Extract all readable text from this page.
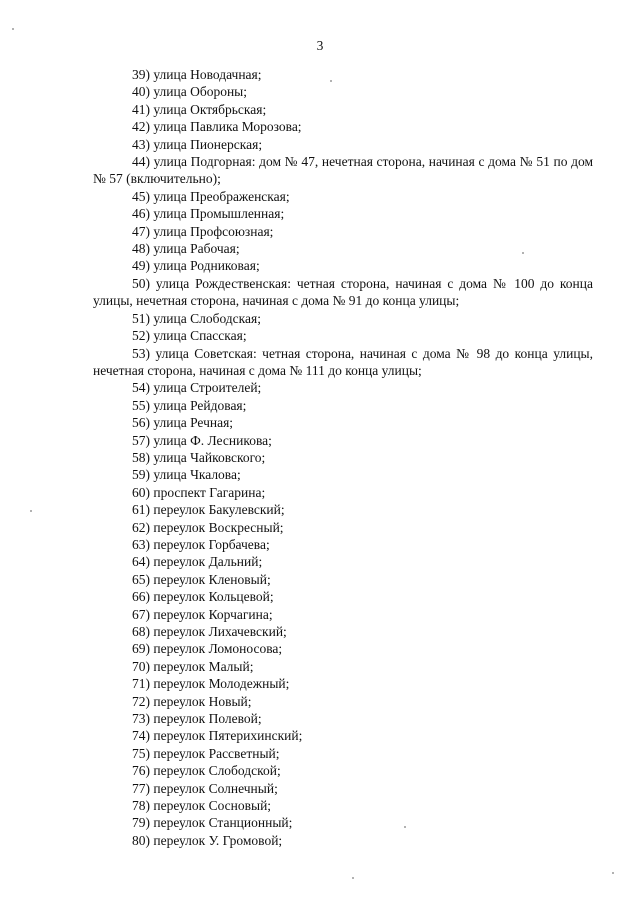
3
39) улица Новодачная;
40) улица Обороны;
41) улица Октябрьская;
42) улица Павлика Морозова;
43) улица Пионерская;
44) улица Подгорная: дом № 47, нечетная сторона, начиная с дома № 51 по дом № 57 (включительно);
45) улица Преображенская;
46) улица Промышленная;
47) улица Профсоюзная;
48) улица Рабочая;
49) улица Родниковая;
50) улица Рождественская: четная сторона, начиная с дома № 100 до конца улицы, нечетная сторона, начиная с дома № 91 до конца улицы;
51) улица Слободская;
52) улица Спасская;
53) улица Советская: четная сторона, начиная с дома № 98 до конца улицы, нечетная сторона, начиная с дома № 111 до конца улицы;
54) улица Строителей;
55) улица Рейдовая;
56) улица Речная;
57) улица Ф. Лесникова;
58) улица Чайковского;
59) улица Чкалова;
60) проспект Гагарина;
61) переулок Бакулевский;
62) переулок Воскресный;
63) переулок Горбачева;
64) переулок Дальний;
65) переулок Кленовый;
66) переулок Кольцевой;
67) переулок Корчагина;
68) переулок Лихачевский;
69) переулок Ломоносова;
70) переулок Малый;
71) переулок Молодежный;
72) переулок Новый;
73) переулок Полевой;
74) переулок Пятерихинский;
75) переулок Рассветный;
76) переулок Слободской;
77) переулок Солнечный;
78) переулок Сосновый;
79) переулок Станционный;
80) переулок У. Громовой;
